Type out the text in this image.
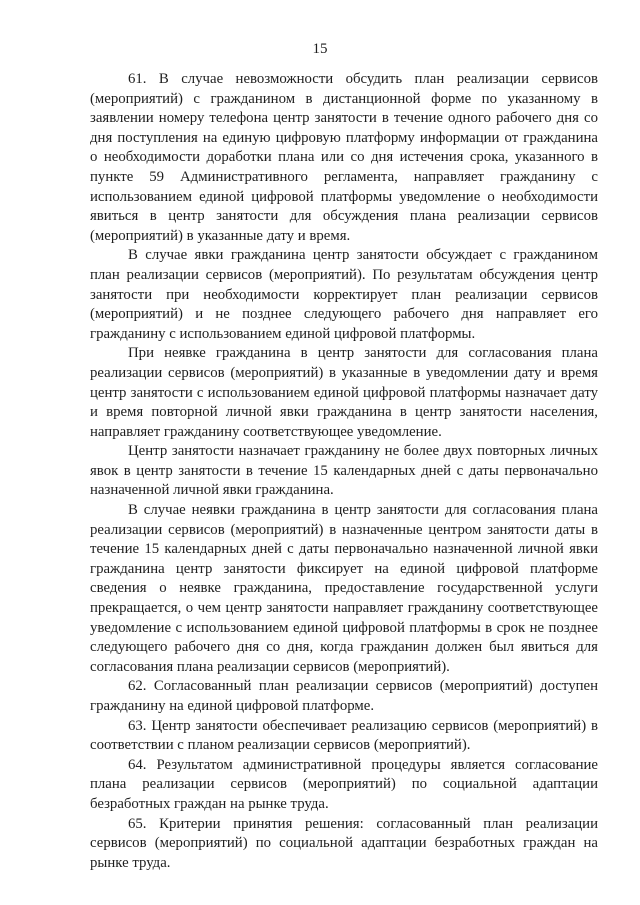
15

61. В случае невозможности обсудить план реализации сервисов (мероприятий) с гражданином в дистанционной форме по указанному в заявлении номеру телефона центр занятости в течение одного рабочего дня со дня поступления на единую цифровую платформу информации от гражданина о необходимости доработки плана или со дня истечения срока, указанного в пункте 59 Административного регламента, направляет гражданину с использованием единой цифровой платформы уведомление о необходимости явиться в центр занятости для обсуждения плана реализации сервисов (мероприятий) в указанные дату и время.

В случае явки гражданина центр занятости обсуждает с гражданином план реализации сервисов (мероприятий). По результатам обсуждения центр занятости при необходимости корректирует план реализации сервисов (мероприятий) и не позднее следующего рабочего дня направляет его гражданину с использованием единой цифровой платформы.

При неявке гражданина в центр занятости для согласования плана реализации сервисов (мероприятий) в указанные в уведомлении дату и время центр занятости с использованием единой цифровой платформы назначает дату и время повторной личной явки гражданина в центр занятости населения, направляет гражданину соответствующее уведомление.

Центр занятости назначает гражданину не более двух повторных личных явок в центр занятости в течение 15 календарных дней с даты первоначально назначенной личной явки гражданина.

В случае неявки гражданина в центр занятости для согласования плана реализации сервисов (мероприятий) в назначенные центром занятости даты в течение 15 календарных дней с даты первоначально назначенной личной явки гражданина центр занятости фиксирует на единой цифровой платформе сведения о неявке гражданина, предоставление государственной услуги прекращается, о чем центр занятости направляет гражданину соответствующее уведомление с использованием единой цифровой платформы в срок не позднее следующего рабочего дня со дня, когда гражданин должен был явиться для согласования плана реализации сервисов (мероприятий).

62. Согласованный план реализации сервисов (мероприятий) доступен гражданину на единой цифровой платформе.

63. Центр занятости обеспечивает реализацию сервисов (мероприятий) в соответствии с планом реализации сервисов (мероприятий).

64. Результатом административной процедуры является согласование плана реализации сервисов (мероприятий) по социальной адаптации безработных граждан на рынке труда.

65. Критерии принятия решения: согласованный план реализации сервисов (мероприятий) по социальной адаптации безработных граждан на рынке труда.
